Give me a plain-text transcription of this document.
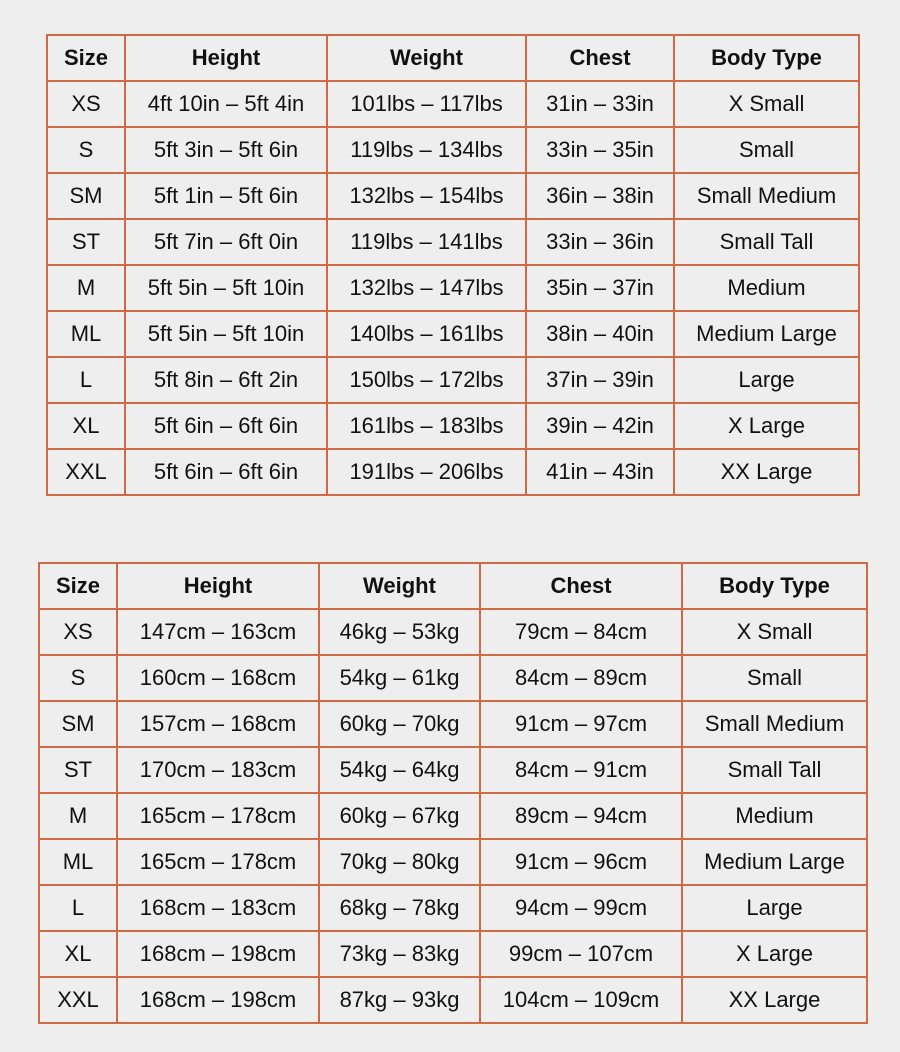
Size	Height	Weight	Chest	Body Type
XS	4ft 10in – 5ft 4in	101lbs – 117lbs	31in – 33in	X Small
S	5ft 3in – 5ft 6in	119lbs – 134lbs	33in – 35in	Small
SM	5ft 1in – 5ft 6in	132lbs – 154lbs	36in – 38in	Small Medium
ST	5ft 7in – 6ft 0in	119lbs – 141lbs	33in – 36in	Small Tall
M	5ft 5in – 5ft 10in	132lbs – 147lbs	35in – 37in	Medium
ML	5ft 5in – 5ft 10in	140lbs – 161lbs	38in – 40in	Medium Large
L	5ft 8in – 6ft 2in	150lbs – 172lbs	37in – 39in	Large
XL	5ft 6in – 6ft 6in	161lbs – 183lbs	39in – 42in	X Large
XXL	5ft 6in – 6ft 6in	191lbs – 206lbs	41in – 43in	XX Large
Size	Height	Weight	Chest	Body Type
XS	147cm – 163cm	46kg – 53kg	79cm – 84cm	X Small
S	160cm – 168cm	54kg – 61kg	84cm – 89cm	Small
SM	157cm – 168cm	60kg – 70kg	91cm – 97cm	Small Medium
ST	170cm – 183cm	54kg – 64kg	84cm – 91cm	Small Tall
M	165cm – 178cm	60kg – 67kg	89cm – 94cm	Medium
ML	165cm – 178cm	70kg – 80kg	91cm – 96cm	Medium Large
L	168cm – 183cm	68kg – 78kg	94cm – 99cm	Large
XL	168cm – 198cm	73kg – 83kg	99cm – 107cm	X Large
XXL	168cm – 198cm	87kg – 93kg	104cm – 109cm	XX Large
